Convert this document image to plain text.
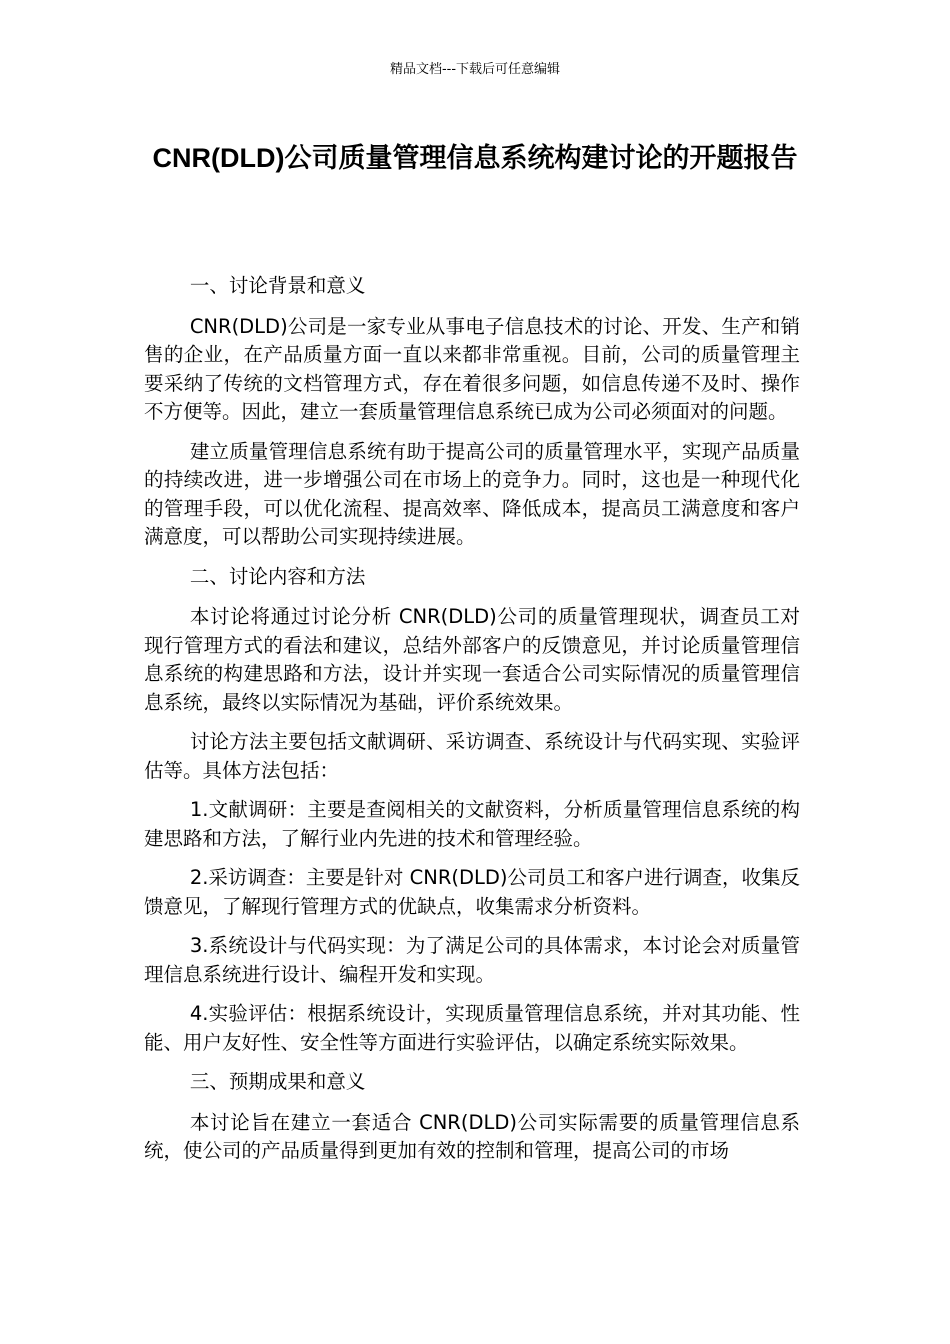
精品文档---下载后可任意编辑
CNR(DLD)公司质量管理信息系统构建讨论的开题报告

一、讨论背景和意义

CNR(DLD)公司是一家专业从事电子信息技术的讨论、开发、生产和销售的企业，在产品质量方面一直以来都非常重视。目前，公司的质量管理主要采纳了传统的文档管理方式，存在着很多问题，如信息传递不及时、操作不方便等。因此，建立一套质量管理信息系统已成为公司必须面对的问题。

建立质量管理信息系统有助于提高公司的质量管理水平，实现产品质量的持续改进，进一步增强公司在市场上的竞争力。同时，这也是一种现代化的管理手段，可以优化流程、提高效率、降低成本，提高员工满意度和客户满意度，可以帮助公司实现持续进展。

二、讨论内容和方法

本讨论将通过讨论分析 CNR(DLD)公司的质量管理现状，调查员工对现行管理方式的看法和建议，总结外部客户的反馈意见，并讨论质量管理信息系统的构建思路和方法，设计并实现一套适合公司实际情况的质量管理信息系统，最终以实际情况为基础，评价系统效果。

讨论方法主要包括文献调研、采访调查、系统设计与代码实现、实验评估等。具体方法包括：

1.文献调研：主要是查阅相关的文献资料，分析质量管理信息系统的构建思路和方法，了解行业内先进的技术和管理经验。

2.采访调查：主要是针对 CNR(DLD)公司员工和客户进行调查，收集反馈意见，了解现行管理方式的优缺点，收集需求分析资料。

3.系统设计与代码实现：为了满足公司的具体需求，本讨论会对质量管理信息系统进行设计、编程开发和实现。

4.实验评估：根据系统设计，实现质量管理信息系统，并对其功能、性能、用户友好性、安全性等方面进行实验评估，以确定系统实际效果。

三、预期成果和意义

本讨论旨在建立一套适合 CNR(DLD)公司实际需要的质量管理信息系统，使公司的产品质量得到更加有效的控制和管理，提高公司的市场
